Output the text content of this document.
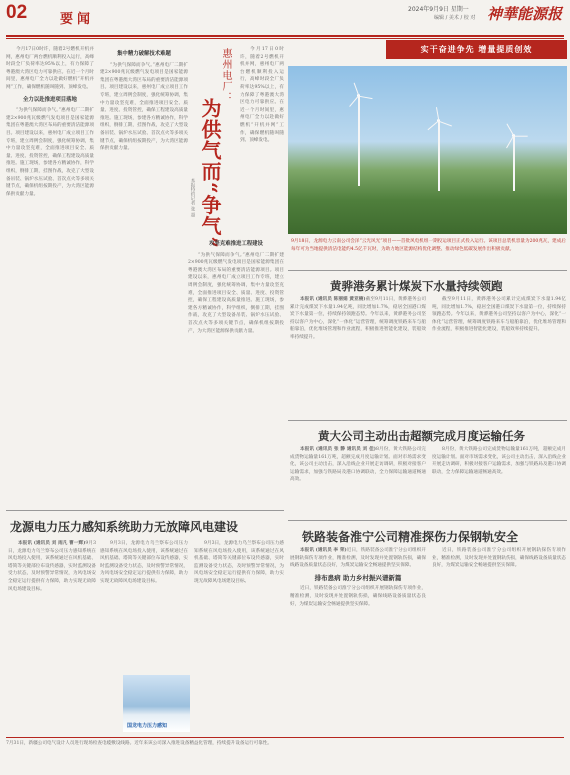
02	要闻
2024年9月9日 星期一
编辑 / 美术 / 校 对 神華能源报

今月17日0时许，随着2号燃机开机并网，惠州电厂两台燃机顺利投入运行，高峰时段全厂负荷率达95%以上，有力保障了粤港澳大湾区电力可靠供应。在近一个月时间里，惠州电厂全力以赴做好燃机“开机并网”工作，确保燃机随叫随到、顶峰发电。

全力以赴推进项目落地

“为供气保障而争气。”惠州电厂二期扩建2×900兆瓦级燃气发电项目是国家能源集团在粤港澳大湾区布局的重要清洁能源项目。项目建设以来，惠州电厂成立项目工作专班，建立周例会制度，强化统筹协调，集中力量攻坚克难，全面推进项目安全、质量、进度、投资管控，确保工程建设高质量推进。施工现场，参建各方精诚协作，科学组织，倒排工期，挂图作战，攻克了大型设备吊装、锅炉水压试验、首次点火等多项关键节点，确保机组按期投产，为大湾区能源保供贡献力量。

集中精力破解技术难题

“为供气保障而争气。”惠州电厂二期扩建2×900兆瓦级燃气发电项目是国家能源集团在粤港澳大湾区布局的重要清洁能源项目。项目建设以来，惠州电厂成立项目工作专班，建立周例会制度，强化统筹协调，集中力量攻坚克难，全面推进项目安全、质量、进度、投资管控，确保工程建设高质量推进。施工现场，参建各方精诚协作，科学组织，倒排工期，挂图作战，攻克了大型设备吊装、锅炉水压试验、首次点火等多项关键节点，确保机组按期投产，为大湾区能源保供贡献力量。

惠州电厂：
为供气而“争气”
本报特约记者 张 超
攻坚克难推进工程建设

“为供气保障而争气。”惠州电厂二期扩建2×900兆瓦级燃气发电项目是国家能源集团在粤港澳大湾区布局的重要清洁能源项目。项目建设以来，惠州电厂成立项目工作专班，建立周例会制度，强化统筹协调，集中力量攻坚克难，全面推进项目安全、质量、进度、投资管控，确保工程建设高质量推进。施工现场，参建各方精诚协作，科学组织，倒排工期，挂图作战，攻克了大型设备吊装、锅炉水压试验、首次点火等多项关键节点，确保机组按期投产，为大湾区能源保供贡献力量。

今月17日0时许，随着2号燃机开机并网，惠州电厂两台燃机顺利投入运行，高峰时段全厂负荷率达95%以上，有力保障了粤港澳大湾区电力可靠供应。在近一个月时间里，惠州电厂全力以赴做好燃机“开机并网”工作，确保燃机随叫随到、顶峰发电。

实干奋进争先 增量提质创效
9月18日，龙源电力云南公司会泽“云光风光”项目——首批风电机组一期投运项目正式投入运行。该项目总装机容量为200兆瓦，建成后每年可为当地提供清洁电能约4.5亿千瓦时，为助力地区能源结构优化调整、推动绿色低碳发展作出积极贡献。
黄骅港务累计煤炭下水量持续领跑

本报讯 (通讯员 陈丽娟 黄亚楠)截至9月11日，黄骅港务公司累计完成煤炭下水量1.94亿吨，同比增加1.7%，稳居全国港口煤炭下水量第一位，持续保持领跑态势。今年以来，黄骅港务公司坚持以客户为中心，深化“一体化”运营管理，统筹调度铁路来车与船舶靠泊，优化堆场管理和作业流程，积极推进智能化建设，装船效率持续提升。

截至9月11日，黄骅港务公司累计完成煤炭下水量1.94亿吨，同比增加1.7%，稳居全国港口煤炭下水量第一位，持续保持领跑态势。今年以来，黄骅港务公司坚持以客户为中心，深化“一体化”运营管理，统筹调度铁路来车与船舶靠泊，优化堆场管理和作业流程，积极推进智能化建设，装船效率持续提升。

黄大公司主动出击超额完成月度运输任务

本报讯 (通讯员 张 静 通讯员 刘 佳)8月份，黄大铁路公司完成货物运输量161万吨，超额完成月度运输计划。面对市场需求变化，该公司主动出击，深入沿线企业开展走访调研，积极对接客户运输需求，加强与铁路局及港口协调联动，全力保障运输通道畅通高效。

8月份，黄大铁路公司完成货物运输量161万吨，超额完成月度运输计划。面对市场需求变化，该公司主动出击，深入沿线企业开展走访调研，积极对接客户运输需求，加强与铁路局及港口协调联动，全力保障运输通道畅通高效。

铁路装备淮宁公司精准探伤力保钢轨安全

本报讯 (通讯员 李 荣)近日，铁路装备公司淮宁分公司组织开展钢轨探伤专项作业，精准检测，及时发现并处置钢轨伤损，确保线路设备质量状态良好，为煤炭运输安全畅通提供坚实保障。

排布患病 助力乡村振兴谱新篇

近日，铁路装备公司淮宁分公司组织开展钢轨探伤专项作业，精准检测，及时发现并处置钢轨伤损，确保线路设备质量状态良好，为煤炭运输安全畅通提供坚实保障。

近日，铁路装备公司淮宁分公司组织开展钢轨探伤专项作业，精准检测，及时发现并处置钢轨伤损，确保线路设备质量状态良好，为煤炭运输安全畅通提供坚实保障。

龙源电力压力感知系统助力无放障风电建设

本报讯 (通讯员 刘 雨凡 曹一辉)9月3日，龙源电力乌兰察布公司压力感知系统在风电场投入使用，该系统通过在风机基础、塔筒等关键部位布设传感器，实时监测设备受力状态，及时预警异常情况，为风电场安全稳定运行提供有力保障，助力实现无故障风电场建设目标。

9月3日，龙源电力乌兰察布公司压力感知系统在风电场投入使用，该系统通过在风机基础、塔筒等关键部位布设传感器，实时监测设备受力状态，及时预警异常情况，为风电场安全稳定运行提供有力保障，助力实现无故障风电场建设目标。

9月3日，龙源电力乌兰察布公司压力感知系统在风电场投入使用，该系统通过在风机基础、塔筒等关键部位布设传感器，实时监测设备受力状态，及时预警异常情况，为风电场安全稳定运行提供有力保障，助力实现无故障风电场建设目标。

国龙电力压力感知
7月31日，新疆公司电气设计人员进行现场检查电缆敷设线路。近年来该公司深入推进设备精益化管理，持续提升设备运行可靠性。
